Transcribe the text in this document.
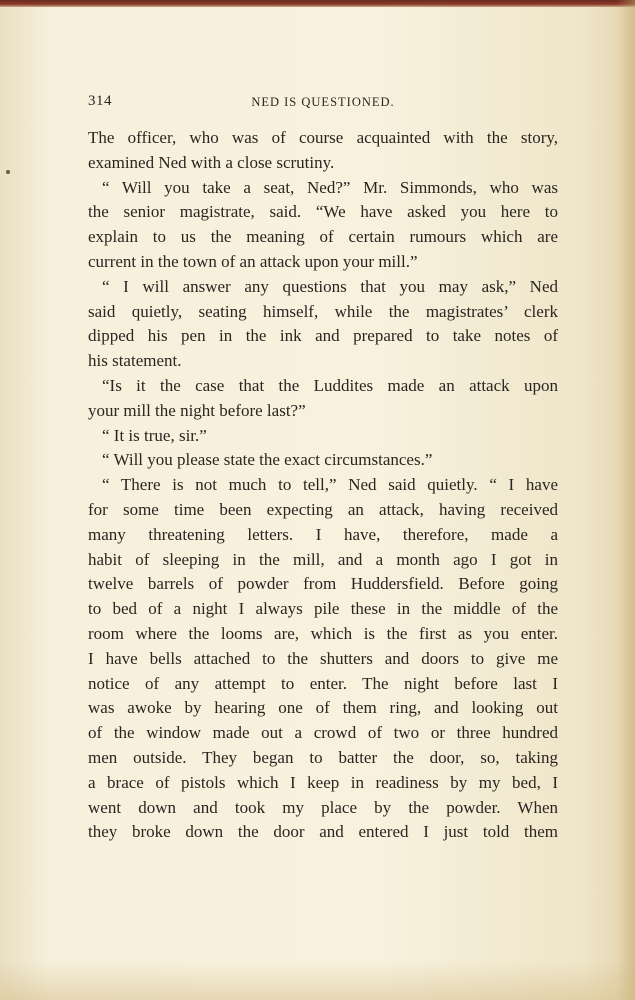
314	NED IS QUESTIONED.
The officer, who was of course acquainted with the story,
examined Ned with a close scrutiny.
“ Will you take a seat, Ned?” Mr. Simmonds, who was
the senior magistrate, said. “We have asked you here to
explain to us the meaning of certain rumours which are
current in the town of an attack upon your mill.”
“ I will answer any questions that you may ask,” Ned
said quietly, seating himself, while the magistrates’ clerk
dipped his pen in the ink and prepared to take notes of
his statement.
“Is it the case that the Luddites made an attack upon
your mill the night before last?”
“ It is true, sir.”
“ Will you please state the exact circumstances.”
“ There is not much to tell,” Ned said quietly. “ I have
for some time been expecting an attack, having received
many threatening letters. I have, therefore, made a
habit of sleeping in the mill, and a month ago I got in
twelve barrels of powder from Huddersfield. Before going
to bed of a night I always pile these in the middle of the
room where the looms are, which is the first as you enter.
I have bells attached to the shutters and doors to give me
notice of any attempt to enter. The night before last I
was awoke by hearing one of them ring, and looking out
of the window made out a crowd of two or three hundred
men outside. They began to batter the door, so, taking
a brace of pistols which I keep in readiness by my bed, I
went down and took my place by the powder. When
they broke down the door and entered I just told them
